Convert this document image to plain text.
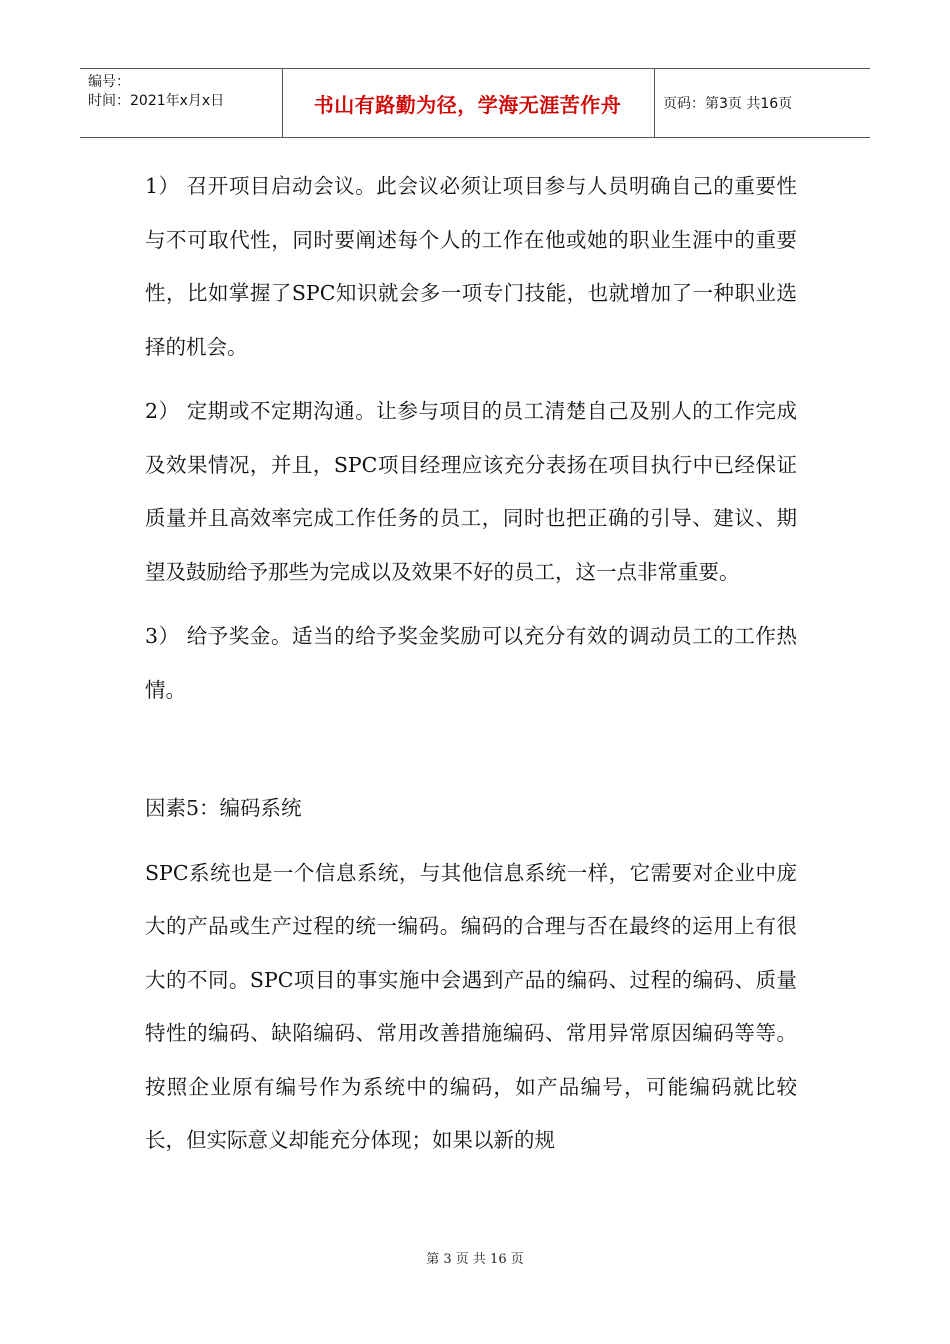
编号：
时间：2021年x月x日	书山有路勤为径，学海无涯苦作舟	页码：第3页 共16页

1） 召开项目启动会议。此会议必须让项目参与人员明确自己的重要性与不可取代性，同时要阐述每个人的工作在他或她的职业生涯中的重要性，比如掌握了SPC知识就会多一项专门技能，也就增加了一种职业选择的机会。

2） 定期或不定期沟通。让参与项目的员工清楚自己及别人的工作完成及效果情况，并且，SPC项目经理应该充分表扬在项目执行中已经保证质量并且高效率完成工作任务的员工，同时也把正确的引导、建议、期望及鼓励给予那些为完成以及效果不好的员工，这一点非常重要。

3） 给予奖金。适当的给予奖金奖励可以充分有效的调动员工的工作热情。

因素5：编码系统

SPC系统也是一个信息系统，与其他信息系统一样，它需要对企业中庞大的产品或生产过程的统一编码。编码的合理与否在最终的运用上有很大的不同。SPC项目的事实施中会遇到产品的编码、过程的编码、质量特性的编码、缺陷编码、常用改善措施编码、常用异常原因编码等等。按照企业原有编号作为系统中的编码，如产品编号，可能编码就比较长，但实际意义却能充分体现；如果以新的规

第 3 页 共 16 页
